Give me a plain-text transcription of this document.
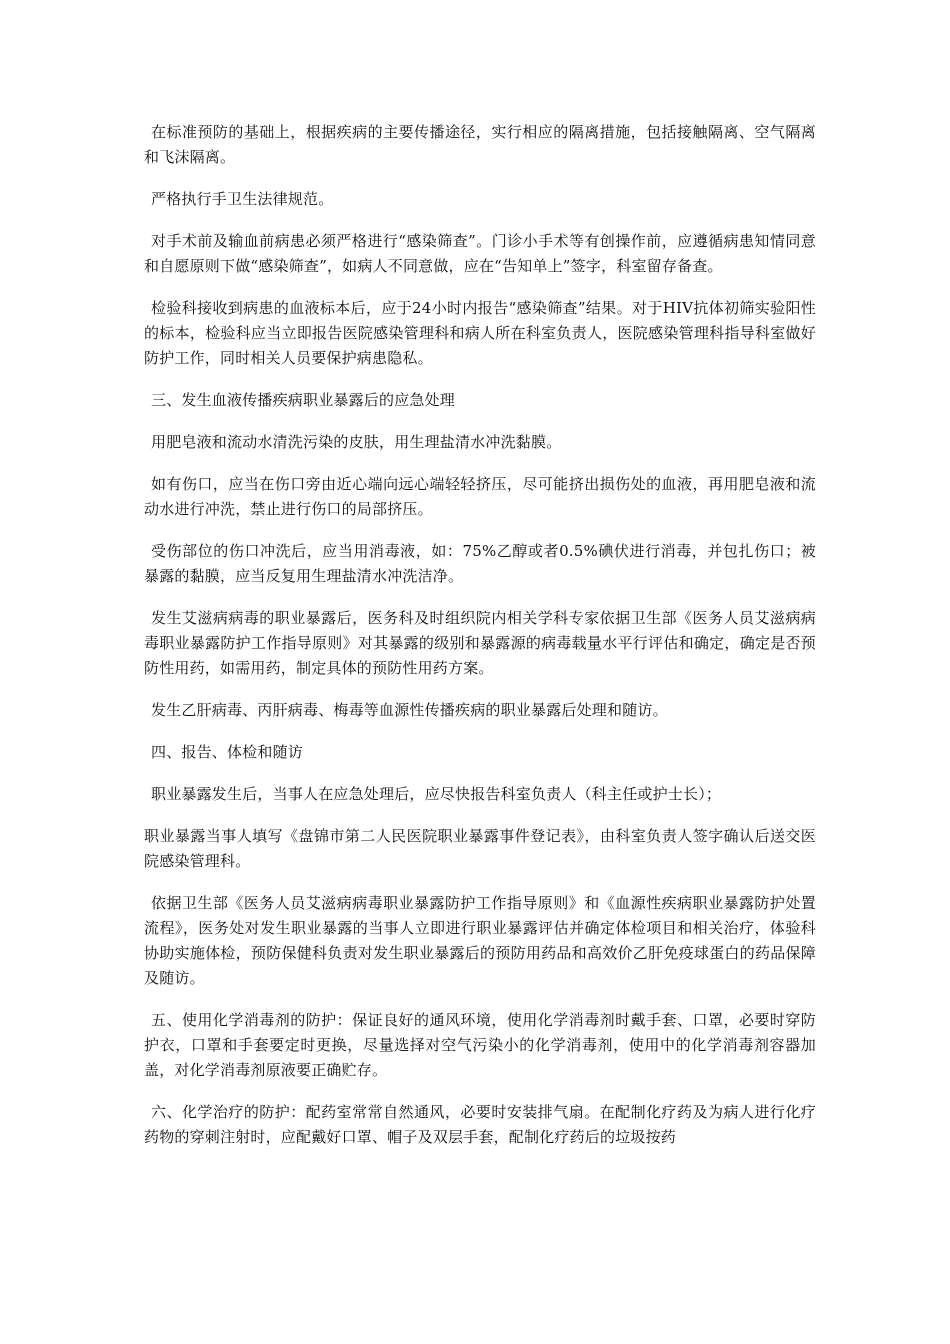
在标准预防的基础上，根据疾病的主要传播途径，实行相应的隔离措施，包括接触隔离、空气隔离和飞沫隔离。

严格执行手卫生法律规范。

对手术前及输血前病患必须严格进行“感染筛查”。门诊小手术等有创操作前，应遵循病患知情同意和自愿原则下做“感染筛查”，如病人不同意做，应在“告知单上”签字，科室留存备查。

检验科接收到病患的血液标本后，应于24小时内报告“感染筛查”结果。对于HIV抗体初筛实验阳性的标本，检验科应当立即报告医院感染管理科和病人所在科室负责人，医院感染管理科指导科室做好防护工作，同时相关人员要保护病患隐私。

三、发生血液传播疾病职业暴露后的应急处理

用肥皂液和流动水清洗污染的皮肤，用生理盐清水冲洗黏膜。

如有伤口，应当在伤口旁由近心端向远心端轻轻挤压，尽可能挤出损伤处的血液，再用肥皂液和流动水进行冲洗，禁止进行伤口的局部挤压。

受伤部位的伤口冲洗后，应当用消毒液，如：75%乙醇或者0.5%碘伏进行消毒，并包扎伤口；被暴露的黏膜，应当反复用生理盐清水冲洗洁净。

发生艾滋病病毒的职业暴露后，医务科及时组织院内相关学科专家依据卫生部《医务人员艾滋病病毒职业暴露防护工作指导原则》对其暴露的级别和暴露源的病毒载量水平行评估和确定，确定是否预防性用药，如需用药，制定具体的预防性用药方案。

发生乙肝病毒、丙肝病毒、梅毒等血源性传播疾病的职业暴露后处理和随访。

四、报告、体检和随访

职业暴露发生后，当事人在应急处理后，应尽快报告科室负责人（科主任或护士长）；

职业暴露当事人填写《盘锦市第二人民医院职业暴露事件登记表》，由科室负责人签字确认后送交医院感染管理科。

依据卫生部《医务人员艾滋病病毒职业暴露防护工作指导原则》和《血源性疾病职业暴露防护处置流程》，医务处对发生职业暴露的当事人立即进行职业暴露评估并确定体检项目和相关治疗，体验科协助实施体检，预防保健科负责对发生职业暴露后的预防用药品和高效价乙肝免疫球蛋白的药品保障及随访。

五、使用化学消毒剂的防护：保证良好的通风环境，使用化学消毒剂时戴手套、口罩，必要时穿防护衣，口罩和手套要定时更换，尽量选择对空气污染小的化学消毒剂，使用中的化学消毒剂容器加盖，对化学消毒剂原液要正确贮存。

六、化学治疗的防护：配药室常常自然通风，必要时安装排气扇。在配制化疗药及为病人进行化疗药物的穿刺注射时，应配戴好口罩、帽子及双层手套，配制化疗药后的垃圾按药
